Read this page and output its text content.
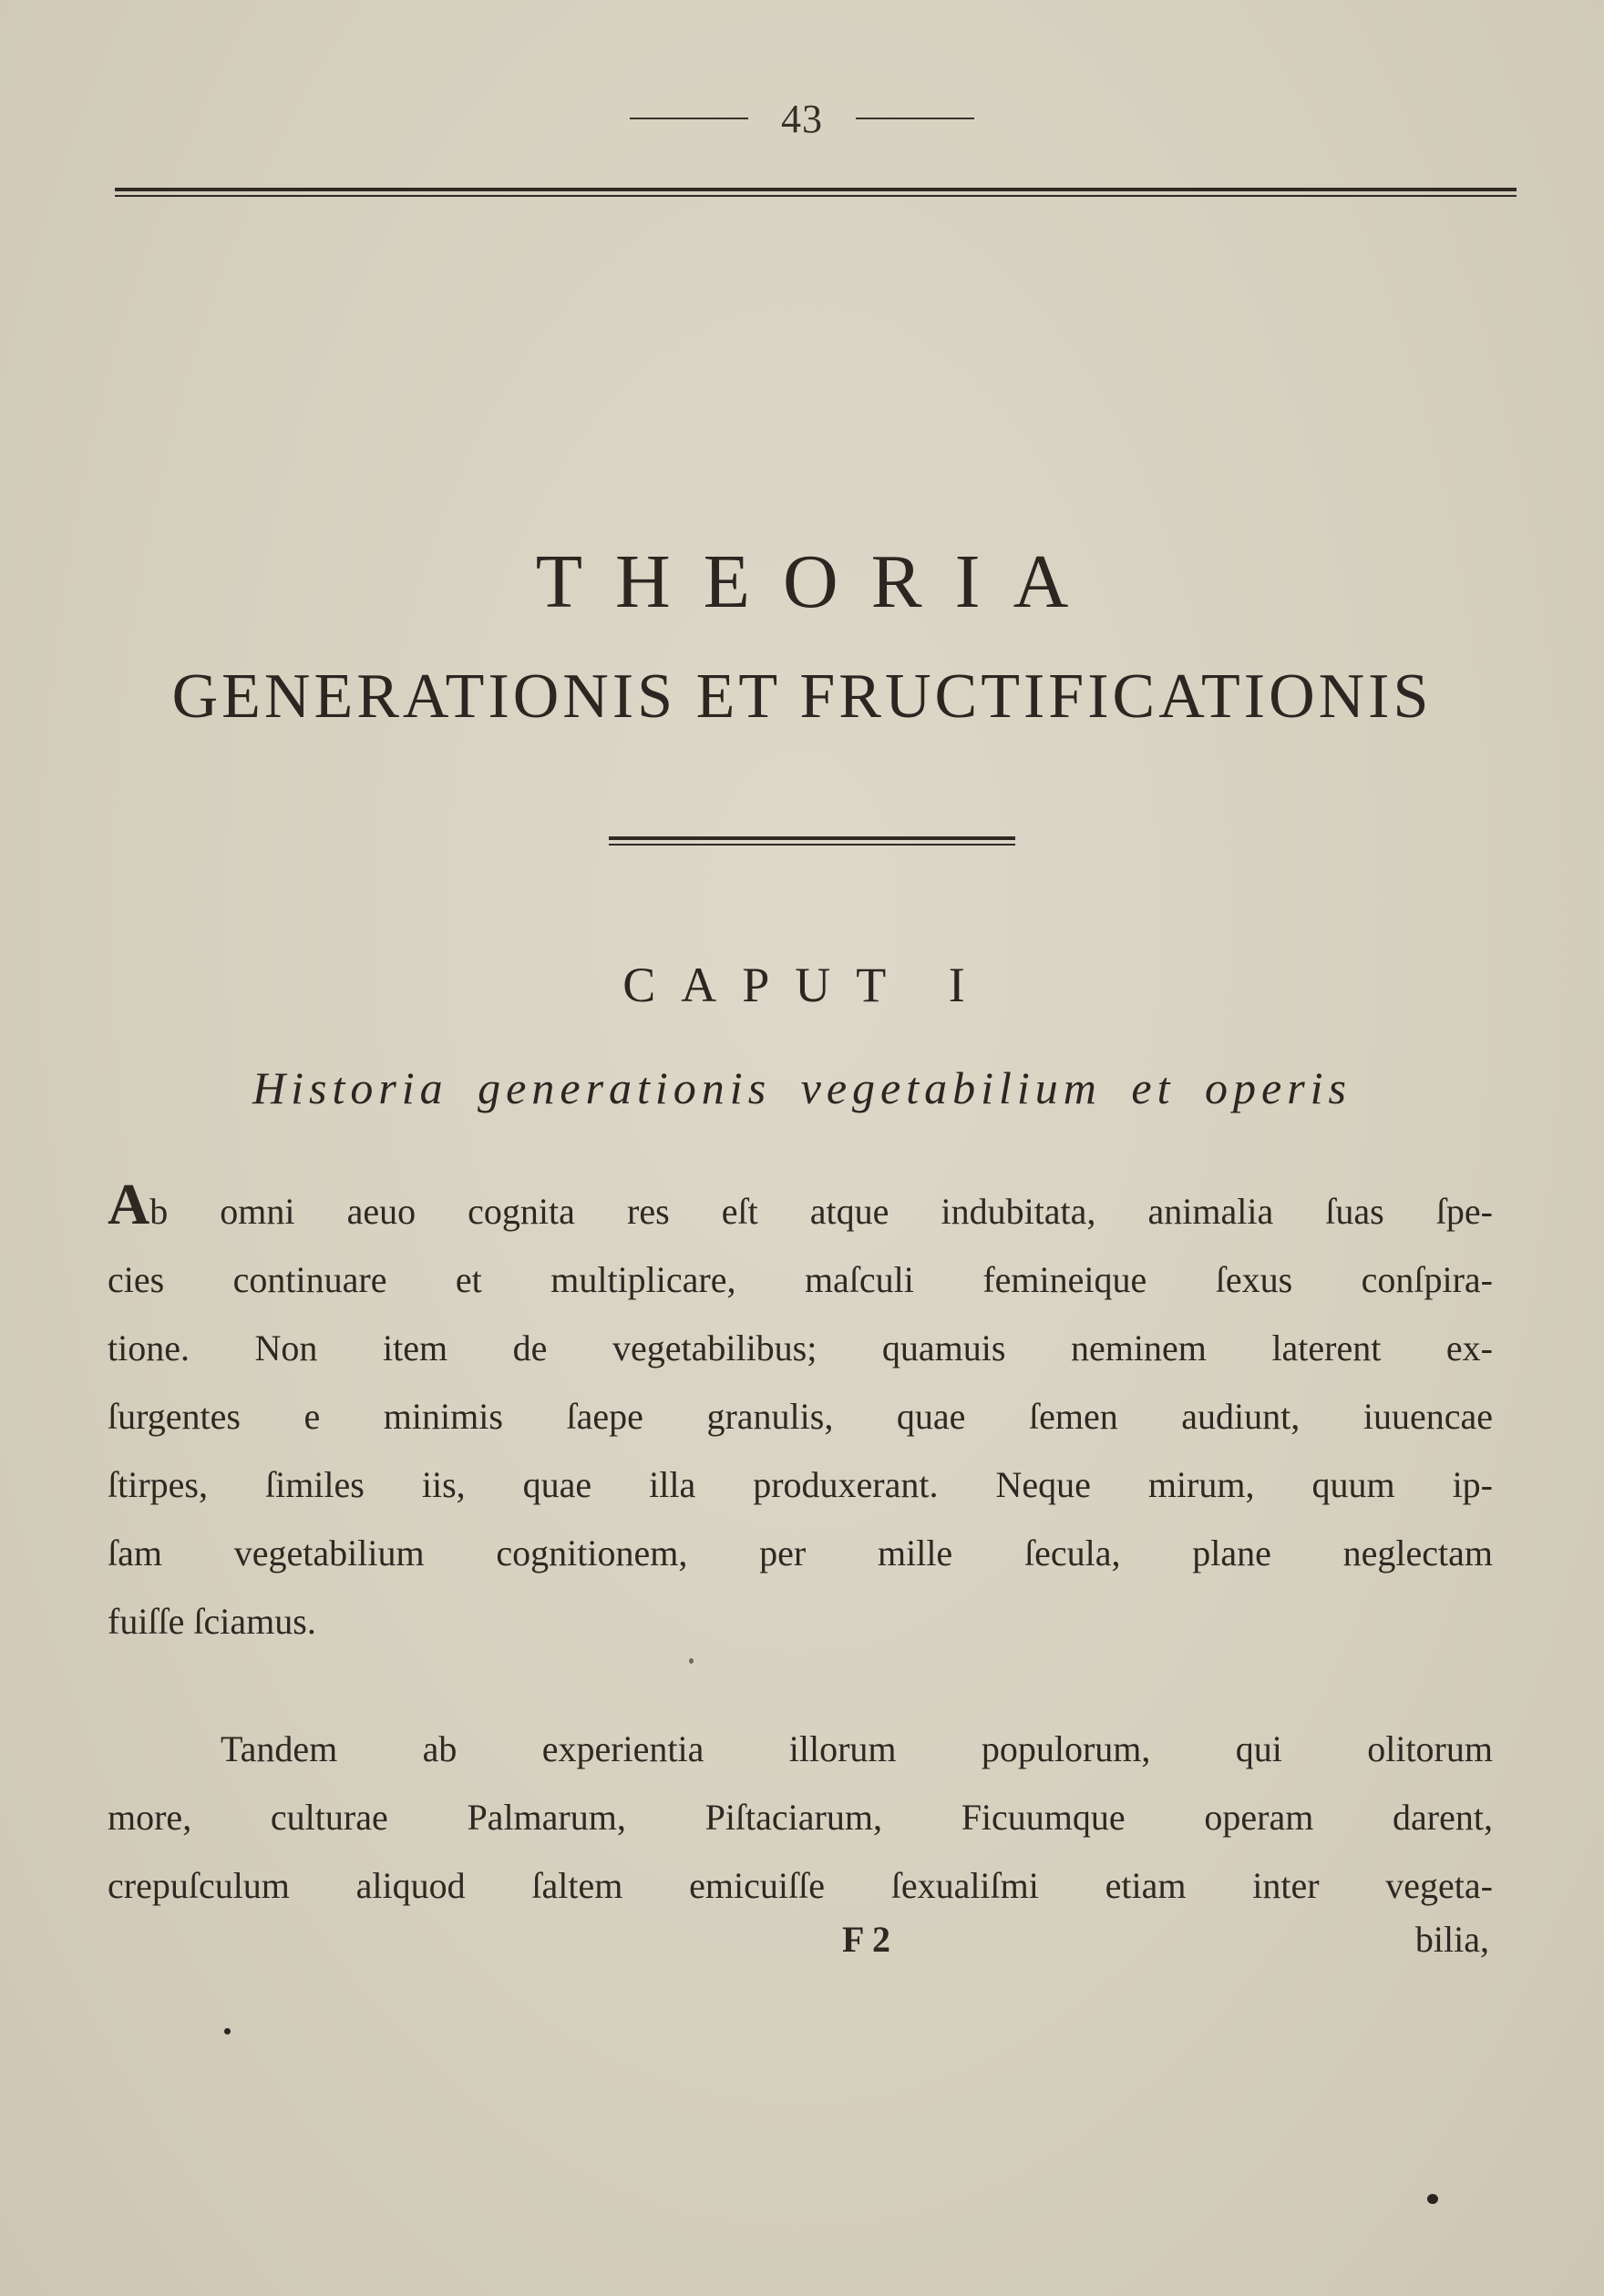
43
THEORIA
GENERATIONIS ET FRUCTIFICATIONIS
CAPUT I
Historia generationis vegetabilium et operis
Ab omni aeuo cognita res eſt atque indubitata, animalia ſuas ſpe-
cies continuare et multiplicare, maſculi femineique ſexus conſpira-
tione. Non item de vegetabilibus; quamuis neminem laterent ex-
ſurgentes e minimis ſaepe granulis, quae ſemen audiunt, iuuencae
ſtirpes, ſimiles iis, quae illa produxerant. Neque mirum, quum ip-
ſam vegetabilium cognitionem, per mille ſecula, plane neglectam
fuiſſe ſciamus.
Tandem ab experientia illorum populorum, qui olitorum
more, culturae Palmarum, Piſtaciarum, Ficuumque operam darent,
crepuſculum aliquod ſaltem emicuiſſe ſexualiſmi etiam inter vegeta-
F 2	bilia,
